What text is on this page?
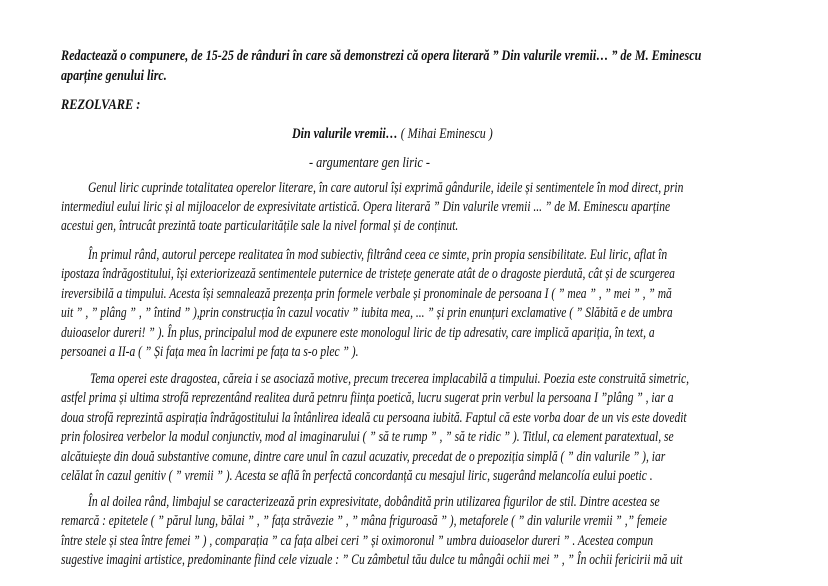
Redactează o compunere, de 15-25 de rânduri în care să demonstrezi că opera literară ” Din valurile vremii… ” de M. Eminescu
aparține genului lirc.
REZOLVARE :
Din valurile vremii… ( Mihai Eminescu )
- argumentare gen liric -
Genul liric cuprinde totalitatea operelor literare, în care autorul își exprimă gândurile, ideile și sentimentele în mod direct, prin
intermediul eului liric și al mijloacelor de expresivitate artistică. Opera literară ” Din valurile vremii ... ” de M. Eminescu aparține
acestui gen, întrucât prezintă toate particularitățile sale la nivel formal și de conținut.
În primul rând, autorul percepe realitatea în mod subiectiv, filtrând ceea ce simte, prin propia sensibilitate. Eul liric, aflat în
ipostaza îndrăgostitului, își exteriorizează sentimentele puternice de tristețe generate atât de o dragoste pierdută, cât și de scurgerea
ireversibilă a timpului. Acesta își semnalează prezența prin formele verbale și pronominale de persoana I ( ” mea ” , ” mei ” , ” mă
uit ” , ” plâng ” , ” întind ” ),prin construcția în cazul vocativ ” iubita mea, ... ” și prin enunțuri exclamative ( ” Slăbită e de umbra
duioaselor dureri! ” ). În plus, principalul mod de expunere este monologul liric de tip adresativ, care implică apariția, în text, a
persoanei a II-a ( ” Și fața mea în lacrimi pe fața ta s-o plec ” ).
Tema operei este dragostea, căreia i se asociază motive, precum trecerea implacabilă a timpului. Poezia este construită simetric,
astfel prima și ultima strofă reprezentând realitea dură petnru ființa poetică, lucru sugerat prin verbul la persoana I ”plâng ” , iar a
doua strofă reprezintă aspirația îndrăgostitului la întânlirea ideală cu persoana iubită. Faptul că este vorba doar de un vis este dovedit
prin folosirea verbelor la modul conjunctiv, mod al imaginarului ( ” să te rump ” , ” să te ridic ” ). Titlul, ca element paratextual, se
alcătuiește din două substantive comune, dintre care unul în cazul acuzativ, precedat de o prepoziția simplă ( ” din valurile ” ), iar
celălat în cazul genitiv ( ” vremii ” ). Acesta se află în perfectă concordanță cu mesajul liric, sugerând melancolía eului poetic .
În al doilea rând, limbajul se caracterizează prin expresivitate, dobândită prin utilizarea figurilor de stil. Dintre acestea se
remarcă : epitetele ( ” părul lung, bălai ” , ” fața străvezie ” , ” mâna friguroasă ” ), metaforele ( ” din valurile vremii ” ,” femeie
între stele și stea între femei ” ) , comparația ” ca fața albei ceri ” și oximoronul ” umbra duioaselor dureri ” . Acestea compun
sugestive imagini artistice, predominante fiind cele vizuale : ” Cu zâmbetul tău dulce tu mângâi ochii mei ” , ” În ochii fericirii mă uit
